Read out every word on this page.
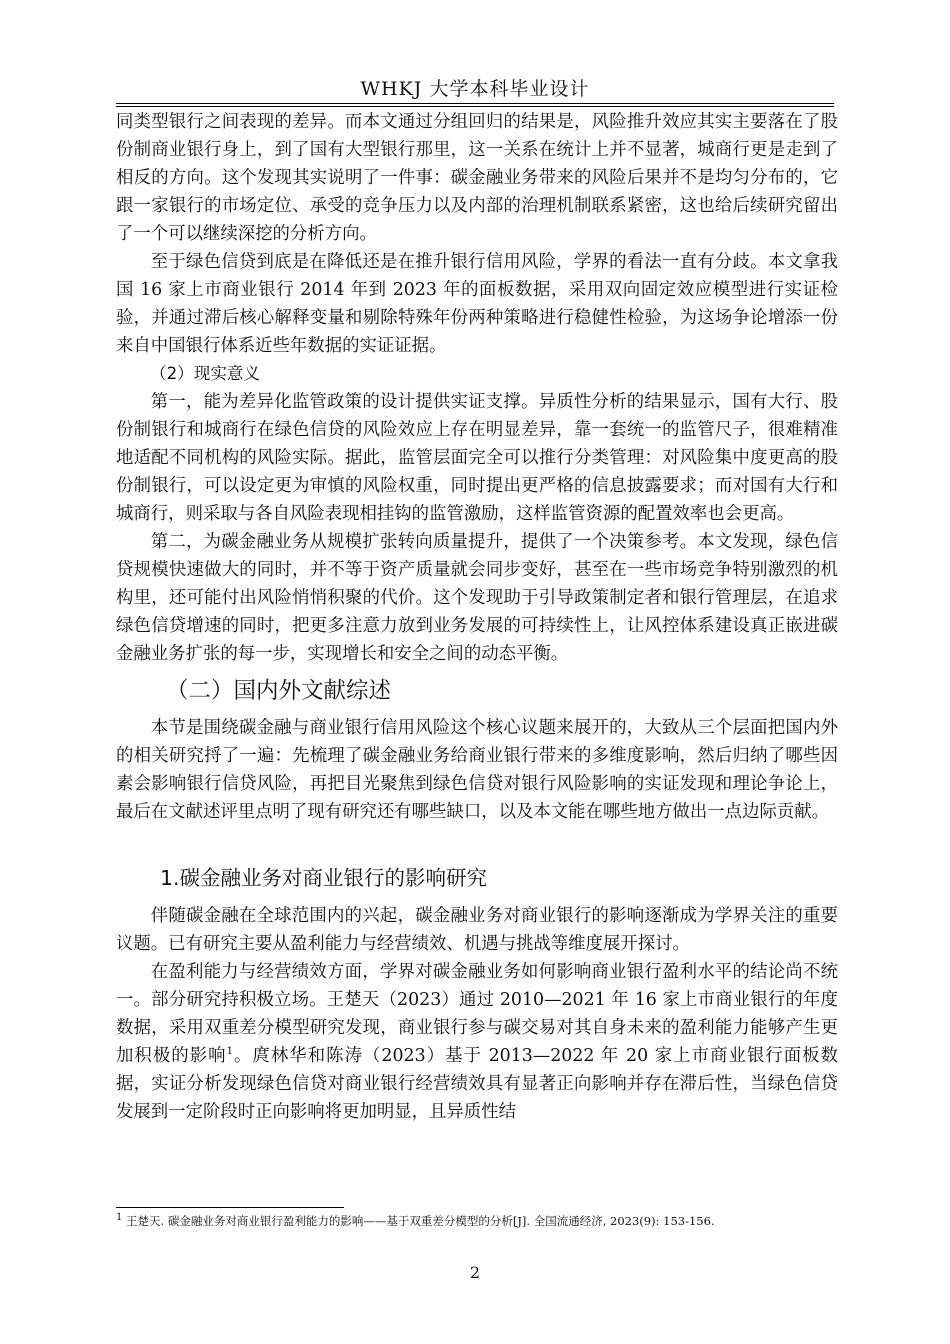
WHKJ 大学本科毕业设计

同类型银行之间表现的差异。而本文通过分组回归的结果是，风险推升效应其实主要落在了股份制商业银行身上，到了国有大型银行那里，这一关系在统计上并不显著，城商行更是走到了相反的方向。这个发现其实说明了一件事：碳金融业务带来的风险后果并不是均匀分布的，它跟一家银行的市场定位、承受的竞争压力以及内部的治理机制联系紧密，这也给后续研究留出了一个可以继续深挖的分析方向。

至于绿色信贷到底是在降低还是在推升银行信用风险，学界的看法一直有分歧。本文拿我国 16 家上市商业银行 2014 年到 2023 年的面板数据，采用双向固定效应模型进行实证检验，并通过滞后核心解释变量和剔除特殊年份两种策略进行稳健性检验，为这场争论增添一份来自中国银行体系近些年数据的实证证据。

（2）现实意义

第一，能为差异化监管政策的设计提供实证支撑。异质性分析的结果显示，国有大行、股份制银行和城商行在绿色信贷的风险效应上存在明显差异，靠一套统一的监管尺子，很难精准地适配不同机构的风险实际。据此，监管层面完全可以推行分类管理：对风险集中度更高的股份制银行，可以设定更为审慎的风险权重，同时提出更严格的信息披露要求；而对国有大行和城商行，则采取与各自风险表现相挂钩的监管激励，这样监管资源的配置效率也会更高。

第二，为碳金融业务从规模扩张转向质量提升，提供了一个决策参考。本文发现，绿色信贷规模快速做大的同时，并不等于资产质量就会同步变好，甚至在一些市场竞争特别激烈的机构里，还可能付出风险悄悄积聚的代价。这个发现助于引导政策制定者和银行管理层，在追求绿色信贷增速的同时，把更多注意力放到业务发展的可持续性上，让风控体系建设真正嵌进碳金融业务扩张的每一步，实现增长和安全之间的动态平衡。

（二）国内外文献综述

本节是围绕碳金融与商业银行信用风险这个核心议题来展开的，大致从三个层面把国内外的相关研究捋了一遍：先梳理了碳金融业务给商业银行带来的多维度影响，然后归纳了哪些因素会影响银行信贷风险，再把目光聚焦到绿色信贷对银行风险影响的实证发现和理论争论上，最后在文献述评里点明了现有研究还有哪些缺口，以及本文能在哪些地方做出一点边际贡献。

1.碳金融业务对商业银行的影响研究

伴随碳金融在全球范围内的兴起，碳金融业务对商业银行的影响逐渐成为学界关注的重要议题。已有研究主要从盈利能力与经营绩效、机遇与挑战等维度展开探讨。

在盈利能力与经营绩效方面，学界对碳金融业务如何影响商业银行盈利水平的结论尚不统一。部分研究持积极立场。王楚天（2023）通过 2010—2021 年 16 家上市商业银行的年度数据，采用双重差分模型研究发现，商业银行参与碳交易对其自身未来的盈利能力能够产生更加积极的影响$^1$。庹林华和陈涛（2023）基于 2013—2022 年 20 家上市商业银行面板数据，实证分析发现绿色信贷对商业银行经营绩效具有显著正向影响并存在滞后性，当绿色信贷发展到一定阶段时正向影响将更加明显，且异质性结

$^1$ 王楚天. 碳金融业务对商业银行盈利能力的影响——基于双重差分模型的分析[J]. 全国流通经济, 2023(9): 153-156.
2
